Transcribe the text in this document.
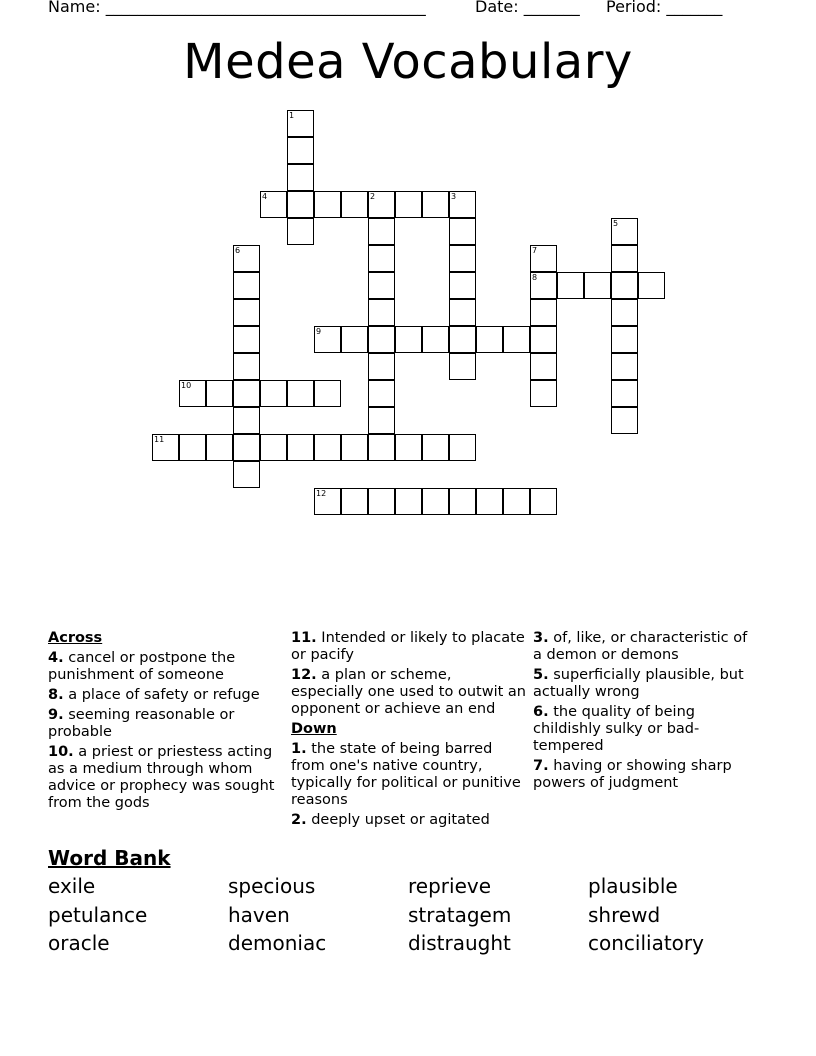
Name: ________________________________________	Date: _______ Period: _______
Medea Vocabulary
1
4	2	3
5
6	7
8
9
10
11
12

Across

4. cancel or postpone the punishment of someone

8. a place of safety or refuge

9. seeming reasonable or probable

10. a priest or priestess acting as a medium through whom advice or prophecy was sought from the gods

11. Intended or likely to placate or pacify

12. a plan or scheme, especially one used to outwit an opponent or achieve an end

Down

1. the state of being barred from one's native country, typically for political or punitive reasons

2. deeply upset or agitated

3. of, like, or characteristic of a demon or demons

5. superficially plausible, but actually wrong

6. the quality of being childishly sulky or bad-tempered

7. having or showing sharp powers of judgment

Word Bank
exile	specious	reprieve	plausible
petulance	haven	stratagem	shrewd
oracle	demoniac	distraught	conciliatory
